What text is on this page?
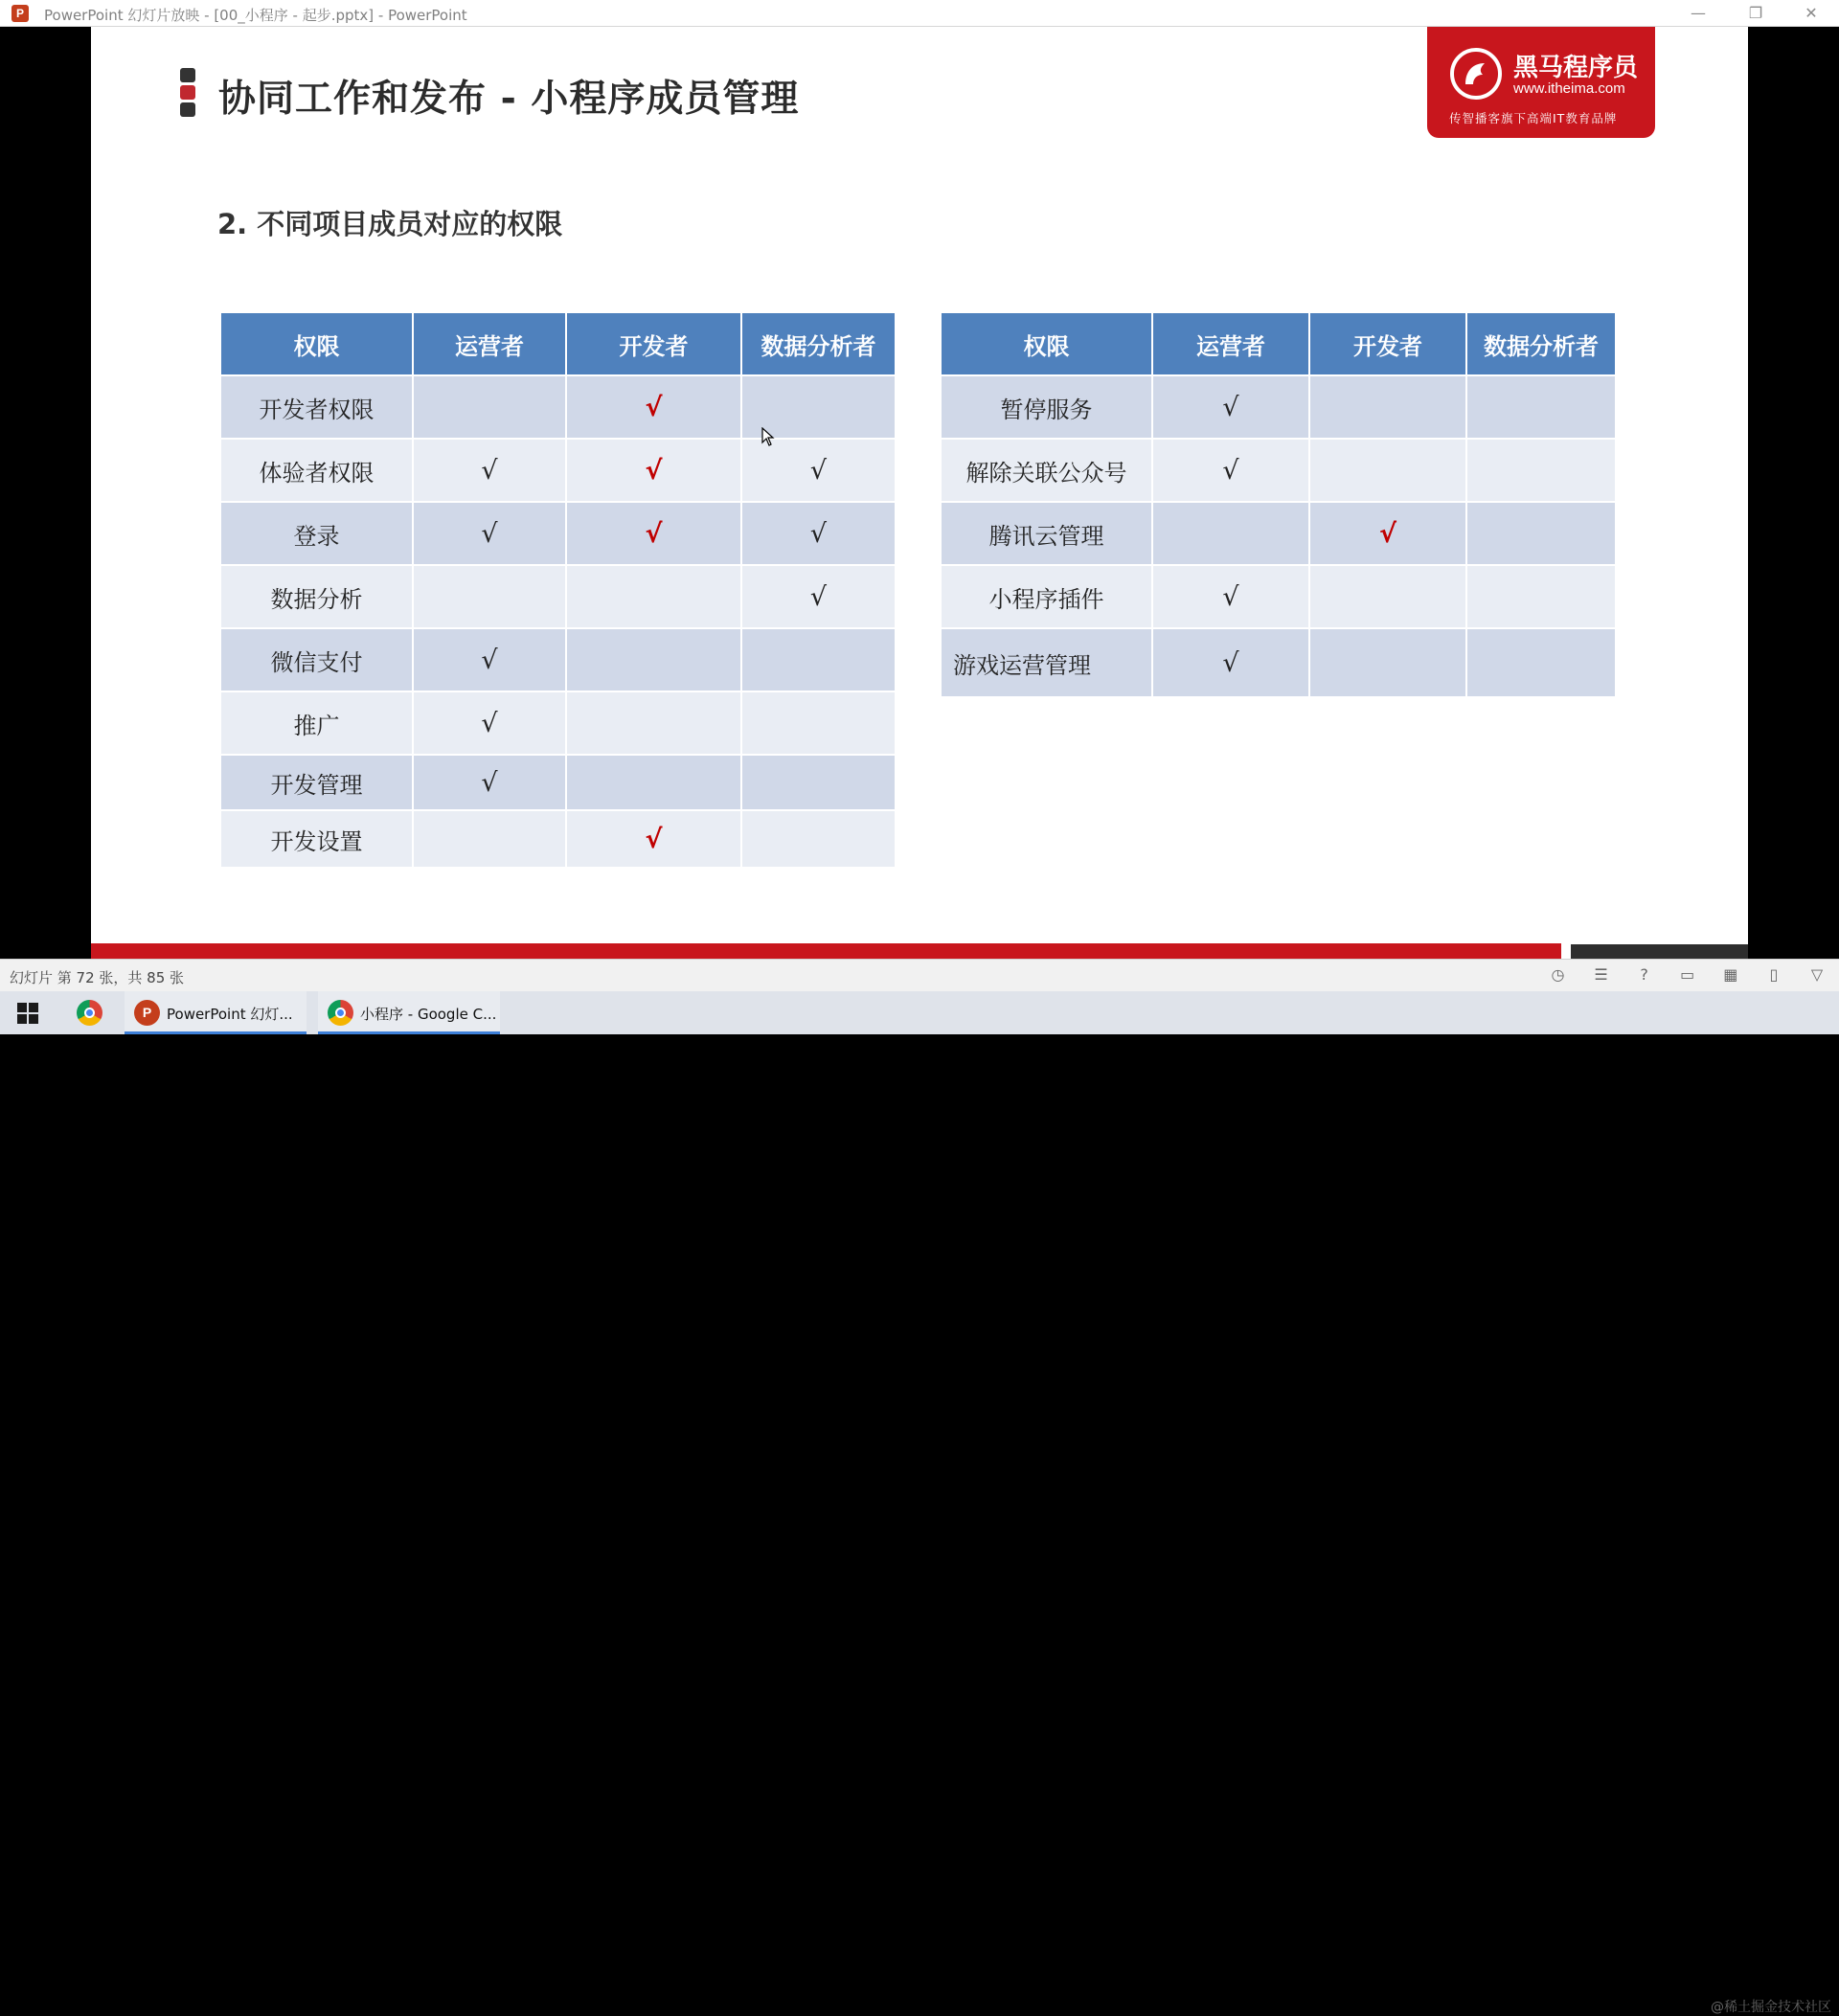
P	PowerPoint 幻灯片放映 - [00_小程序 - 起步.pptx] - PowerPoint	—	❐	✕
协同工作和发布 - 小程序成员管理
2. 不同项目成员对应的权限
黑马程序员
www.itheima.com
传智播客旗下高端IT教育品牌
权限	运营者	开发者	数据分析者
开发者权限		√	
体验者权限	√	√	√
登录	√	√	√
数据分析			√
微信支付	√		
推广	√		
开发管理	√		
开发设置		√	
权限	运营者	开发者	数据分析者
暂停服务	√		
解除关联公众号	√		
腾讯云管理		√	
小程序插件	√		
游戏运营管理	√		
幻灯片 第 72 张，共 85 张	◷ ☰ ? ▭ ▦ ▯ ▽
P	PowerPoint 幻灯...	小程序 - Google C...
@稀土掘金技术社区
